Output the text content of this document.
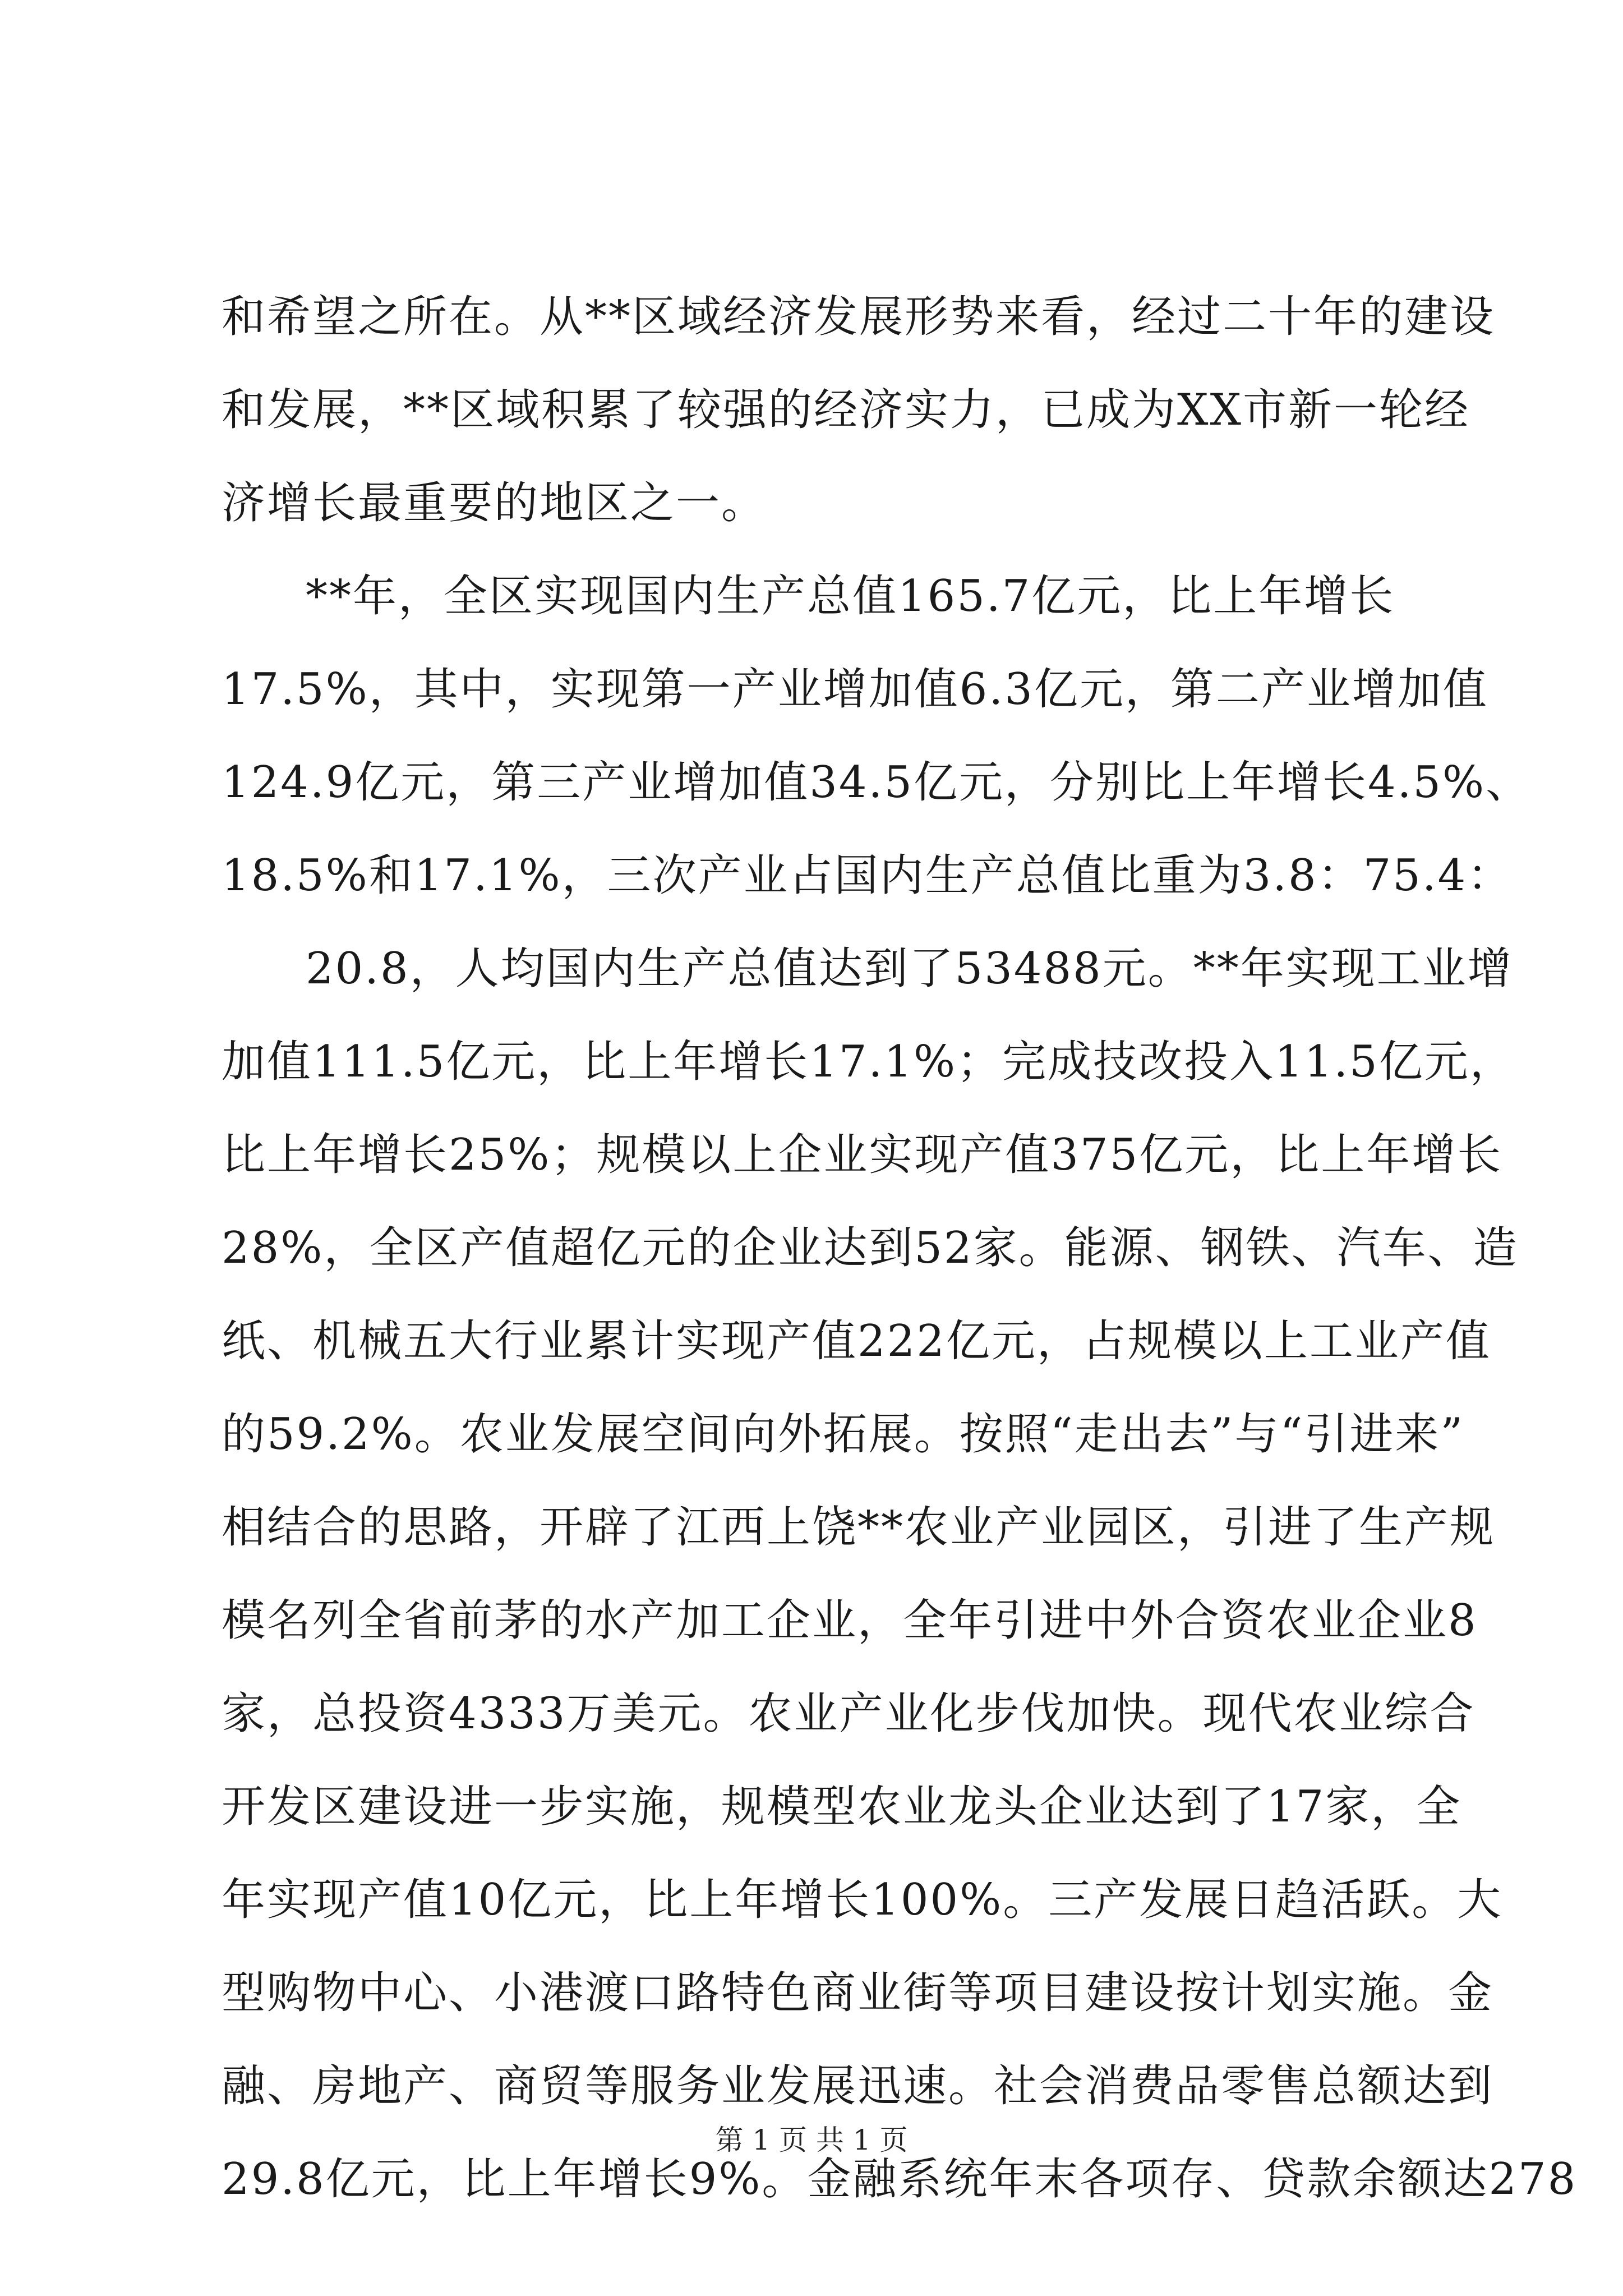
和希望之所在。从**区域经济发展形势来看，经过二十年的建设
和发展，**区域积累了较强的经济实力，已成为XX市新一轮经
济增长最重要的地区之一。
**年，全区实现国内生产总值165.7亿元，比上年增长
17.5%，其中，实现第一产业增加值6.3亿元，第二产业增加值
124.9亿元，第三产业增加值34.5亿元，分别比上年增长4.5%、
18.5%和17.1%，三次产业占国内生产总值比重为3.8：75.4：
20.8，人均国内生产总值达到了53488元。**年实现工业增
加值111.5亿元，比上年增长17.1%；完成技改投入11.5亿元，
比上年增长25%；规模以上企业实现产值375亿元，比上年增长
28%，全区产值超亿元的企业达到52家。能源、钢铁、汽车、造
纸、机械五大行业累计实现产值222亿元，占规模以上工业产值
的59.2%。农业发展空间向外拓展。按照“走出去”与“引进来”
相结合的思路，开辟了江西上饶**农业产业园区，引进了生产规
模名列全省前茅的水产加工企业，全年引进中外合资农业企业8
家，总投资4333万美元。农业产业化步伐加快。现代农业综合
开发区建设进一步实施，规模型农业龙头企业达到了17家，全
年实现产值10亿元，比上年增长100%。三产发展日趋活跃。大
型购物中心、小港渡口路特色商业街等项目建设按计划实施。金
融、房地产、商贸等服务业发展迅速。社会消费品零售总额达到
29.8亿元，比上年增长9%。金融系统年末各项存、贷款余额达278
第 1 页 共 1 页
